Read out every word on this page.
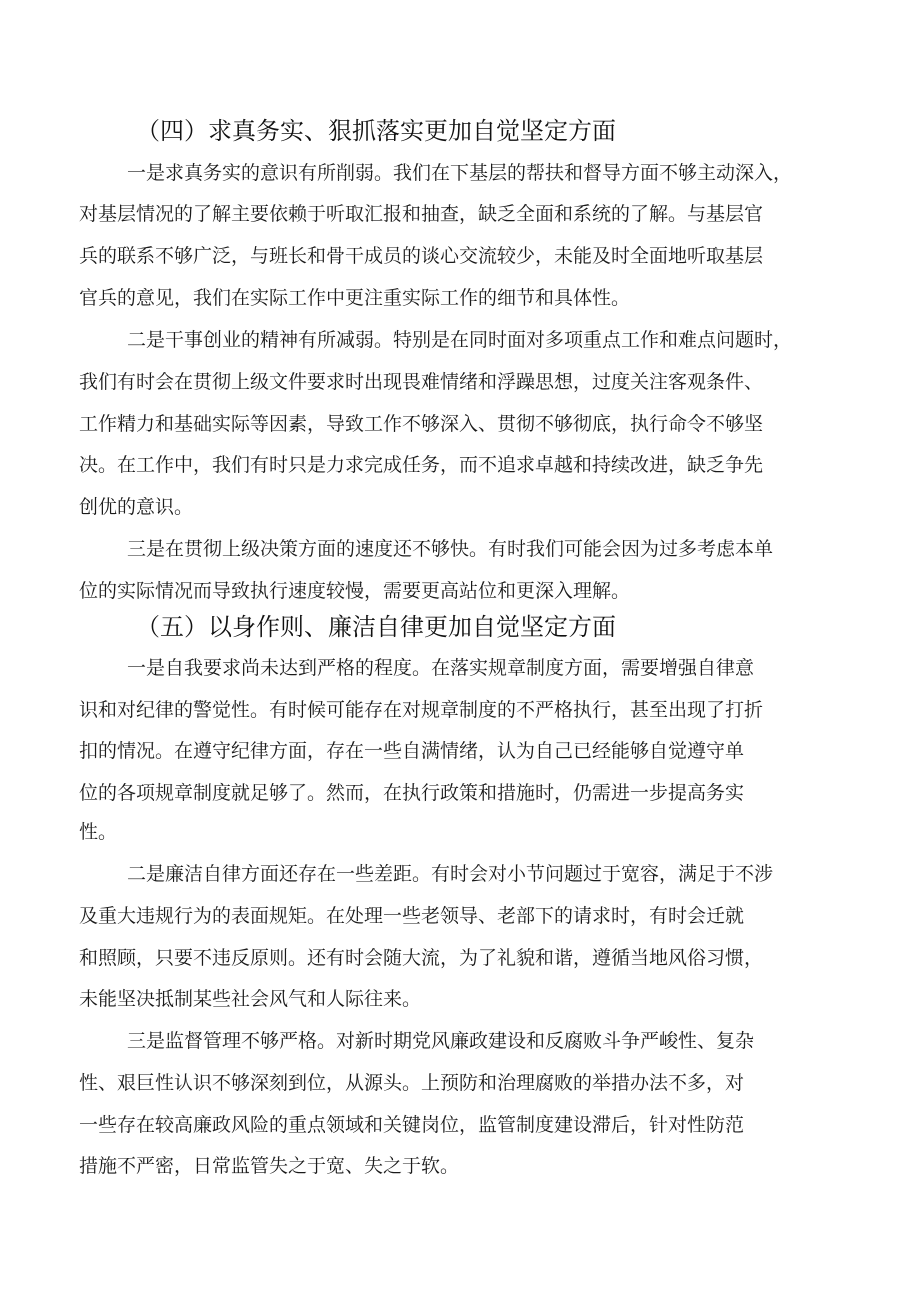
（四）求真务实、狠抓落实更加自觉坚定方面

一是求真务实的意识有所削弱。我们在下基层的帮扶和督导方面不够主动深入，

对基层情况的了解主要依赖于听取汇报和抽查，缺乏全面和系统的了解。与基层官

兵的联系不够广泛，与班长和骨干成员的谈心交流较少，未能及时全面地听取基层

官兵的意见，我们在实际工作中更注重实际工作的细节和具体性。

二是干事创业的精神有所减弱。特别是在同时面对多项重点工作和难点问题时，

我们有时会在贯彻上级文件要求时出现畏难情绪和浮躁思想，过度关注客观条件、

工作精力和基础实际等因素，导致工作不够深入、贯彻不够彻底，执行命令不够坚

决。在工作中，我们有时只是力求完成任务，而不追求卓越和持续改进，缺乏争先

创优的意识。

三是在贯彻上级决策方面的速度还不够快。有时我们可能会因为过多考虑本单

位的实际情况而导致执行速度较慢，需要更高站位和更深入理解。

（五）以身作则、廉洁自律更加自觉坚定方面

一是自我要求尚未达到严格的程度。在落实规章制度方面，需要增强自律意

识和对纪律的警觉性。有时候可能存在对规章制度的不严格执行，甚至出现了打折

扣的情况。在遵守纪律方面，存在一些自满情绪，认为自己已经能够自觉遵守单

位的各项规章制度就足够了。然而，在执行政策和措施时，仍需进一步提高务实

性。

二是廉洁自律方面还存在一些差距。有时会对小节问题过于宽容，满足于不涉

及重大违规行为的表面规矩。在处理一些老领导、老部下的请求时，有时会迁就

和照顾，只要不违反原则。还有时会随大流，为了礼貌和谐，遵循当地风俗习惯，

未能坚决抵制某些社会风气和人际往来。

三是监督管理不够严格。对新时期党风廉政建设和反腐败斗争严峻性、复杂

性、艰巨性认识不够深刻到位，从源头。上预防和治理腐败的举措办法不多，对

一些存在较高廉政风险的重点领域和关键岗位，监管制度建设滞后，针对性防范

措施不严密，日常监管失之于宽、失之于软。
